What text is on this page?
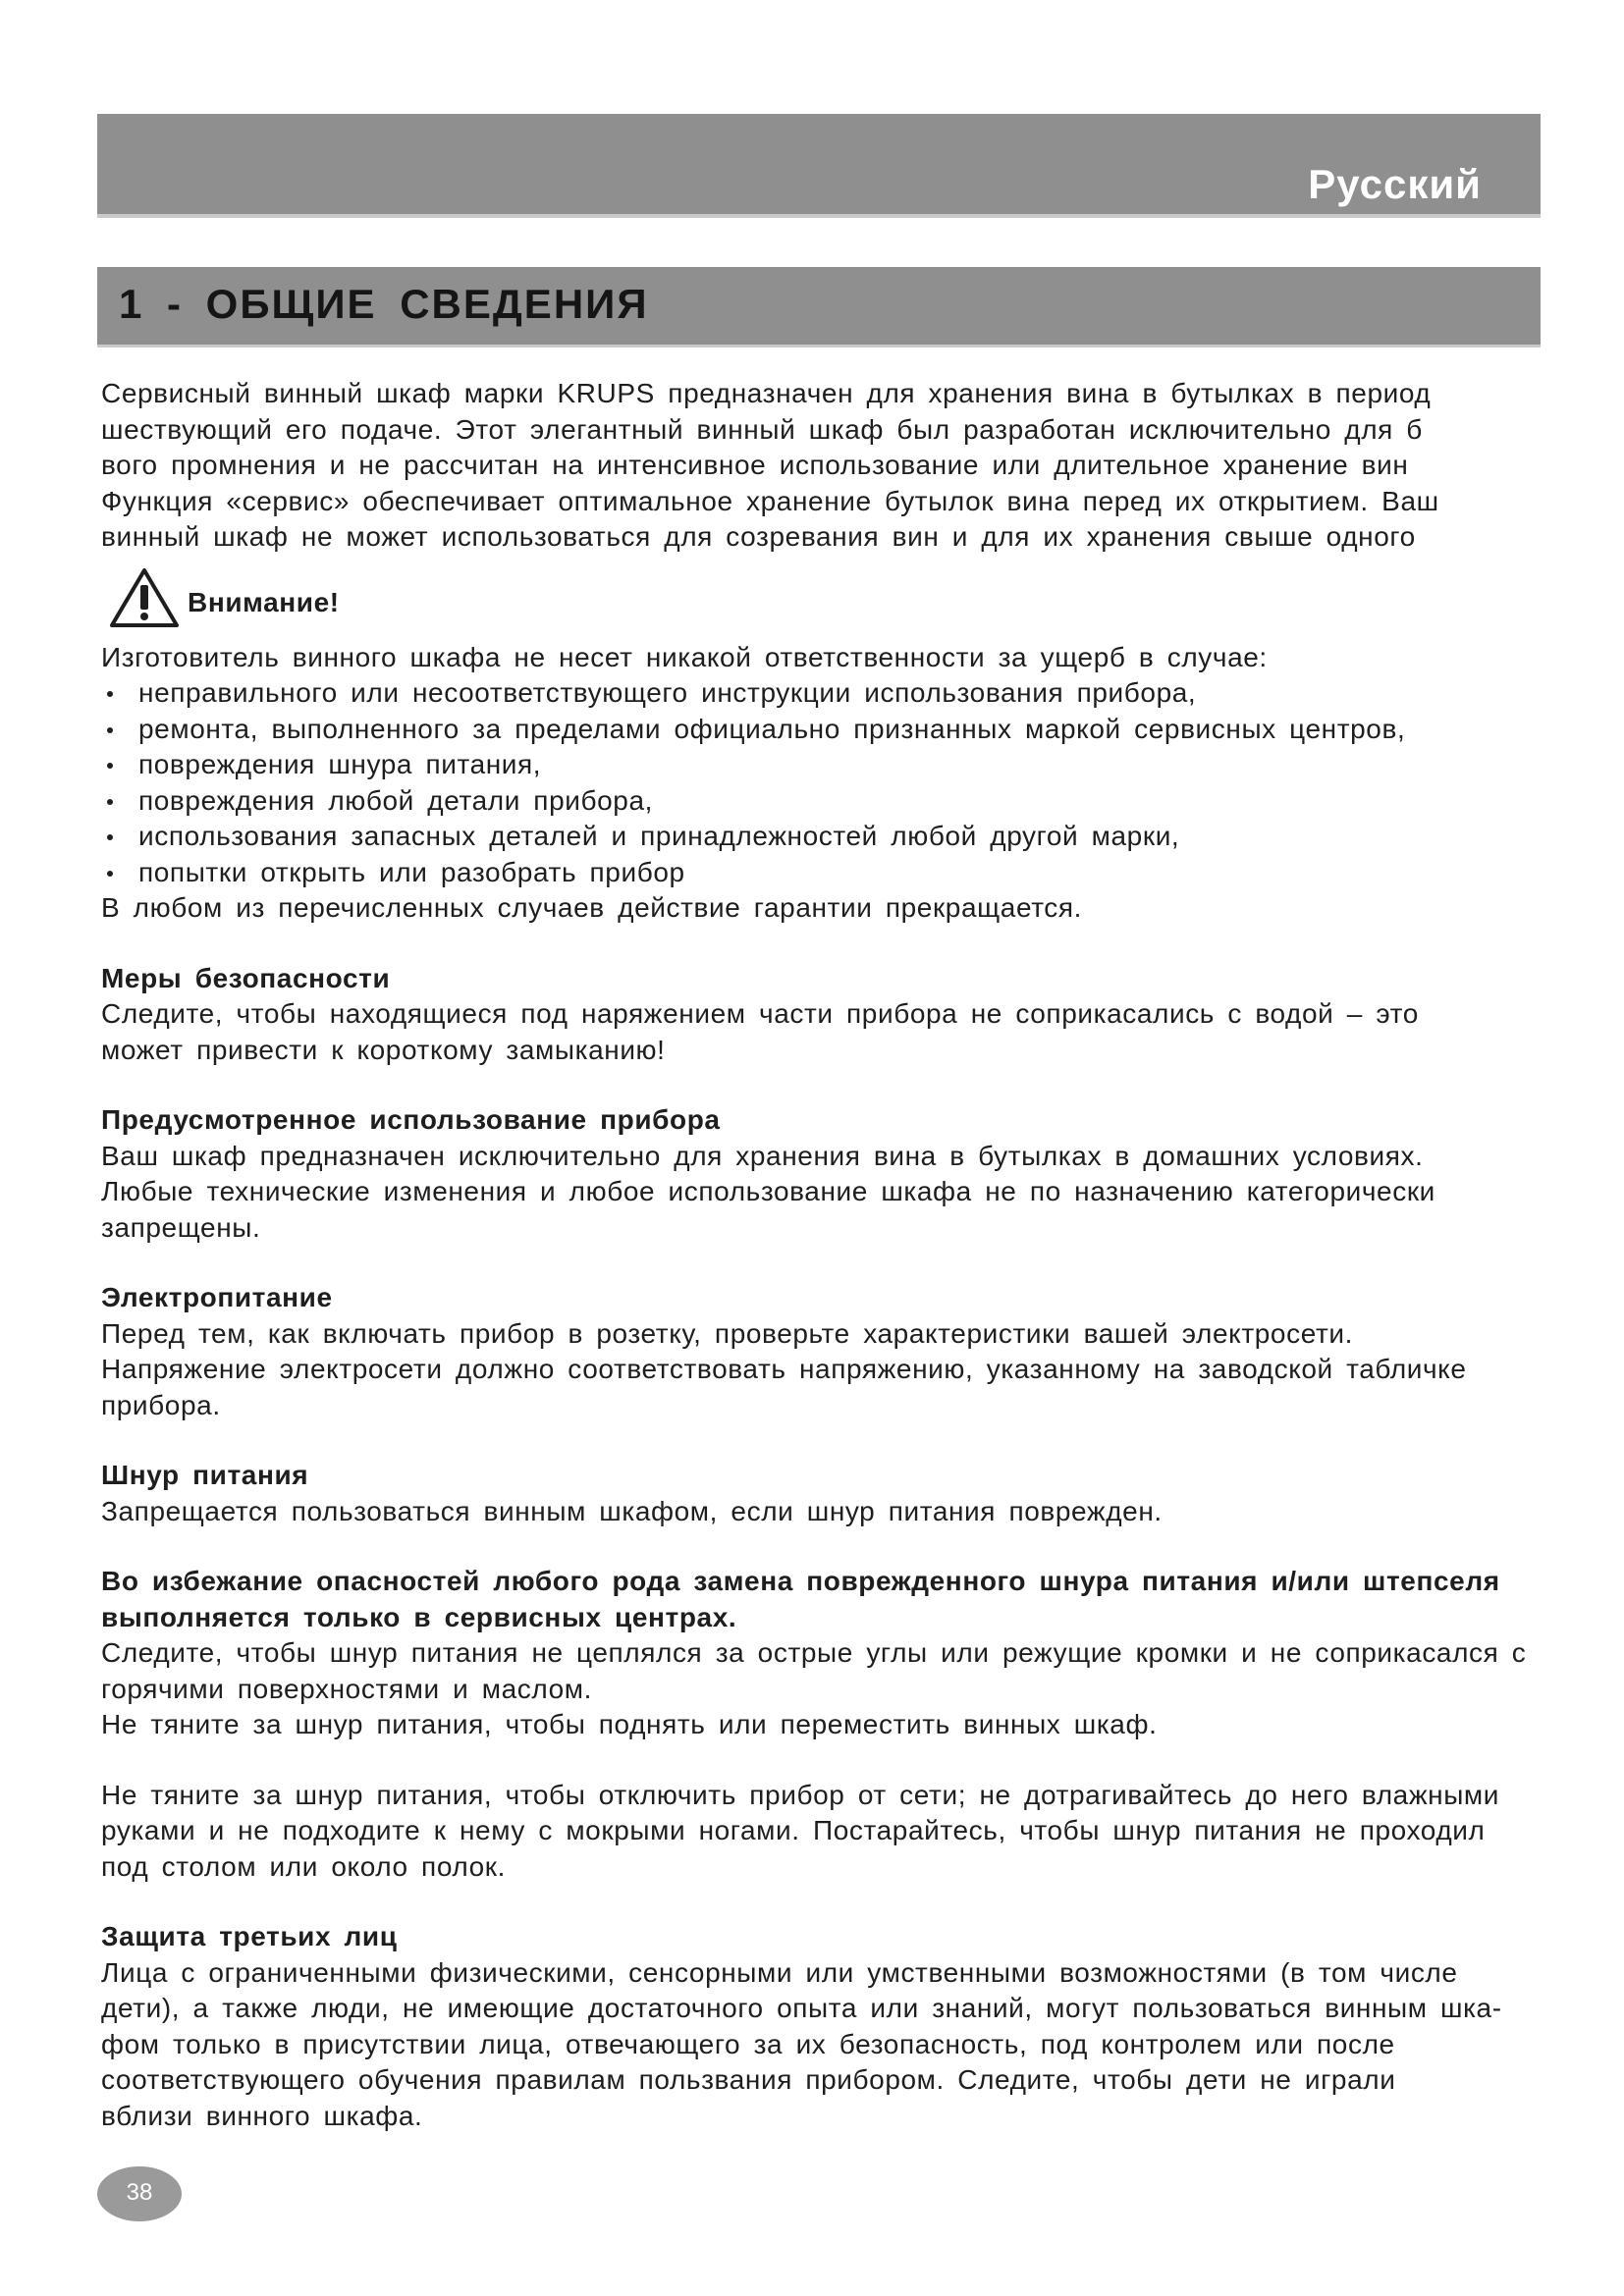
Русский
1 - ОБЩИЕ СВЕДЕНИЯ

Сервисный винный шкаф марки KRUPS предназначен для хранения вина в бутылках в период

шествующий его подаче. Этот элегантный винный шкаф был разработан исключительно для б

вого промнения и не рассчитан на интенсивное использование или длительное хранение вин

Функция «сервис» обеспечивает оптимальное хранение бутылок вина перед их открытием. Ваш

винный шкаф не может использоваться для созревания вин и для их хранения свыше одного

Внимание!

Изготовитель винного шкафа не несет никакой ответственности за ущерб в случае:

неправильного или несоответствующего инструкции использования прибора,
ремонта, выполненного за пределами официально признанных маркой сервисных центров,
повреждения шнура питания,
повреждения любой детали прибора,
использования запасных деталей и принадлежностей любой другой марки,
попытки открыть или разобрать прибор

В любом из перечисленных случаев действие гарантии прекращается.

Меры безопасности

Следите, чтобы находящиеся под наряжением части прибора не соприкасались с водой – это

может привести к короткому замыканию!

Предусмотренное использование прибора

Ваш шкаф предназначен исключительно для хранения вина в бутылках в домашних условиях.

Любые технические изменения и любое использование шкафа не по назначению категорически

запрещены.

Электропитание

Перед тем, как включать прибор в розетку, проверьте характеристики вашей электросети.

Напряжение электросети должно соответствовать напряжению, указанному на заводской табличке

прибора.

Шнур питания

Запрещается пользоваться винным шкафом, если шнур питания поврежден.

Во избежание опасностей любого рода замена поврежденного шнура питания и/или штепселя

выполняется только в сервисных центрах.

Следите, чтобы шнур питания не цеплялся за острые углы или режущие кромки и не соприкасался с

горячими поверхностями и маслом.

Не тяните за шнур питания, чтобы поднять или переместить винных шкаф.

Не тяните за шнур питания, чтобы отключить прибор от сети; не дотрагивайтесь до него влажными

руками и не подходите к нему с мокрыми ногами. Постарайтесь, чтобы шнур питания не проходил

под столом или около полок.

Защита третьих лиц

Лица с ограниченными физическими, сенсорными или умственными возможностями (в том числе

дети), а также люди, не имеющие достаточного опыта или знаний, могут пользоваться винным шка-

фом только в присутствии лица, отвечающего за их безопасность, под контролем или после

соответствующего обучения правилам пользвания прибором. Следите, чтобы дети не играли

вблизи винного шкафа.

38
